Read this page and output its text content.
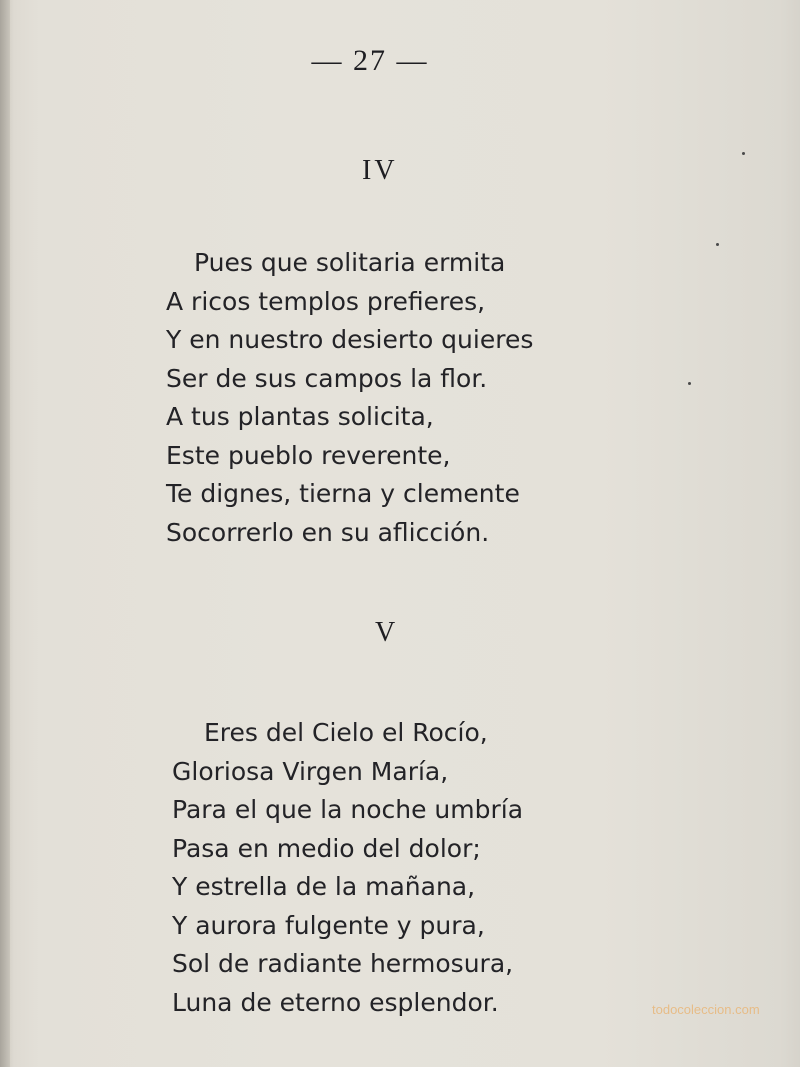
— 27 —
IV
Pues que solitaria ermita
A ricos templos prefieres,
Y en nuestro desierto quieres
Ser de sus campos la flor.
A tus plantas solicita,
Este pueblo reverente,
Te dignes, tierna y clemente
Socorrerlo en su aflicción.
V
Eres del Cielo el Rocío,
Gloriosa Virgen María,
Para el que la noche umbría
Pasa en medio del dolor;
Y estrella de la mañana,
Y aurora fulgente y pura,
Sol de radiante hermosura,
Luna de eterno esplendor.	todocoleccion.com
